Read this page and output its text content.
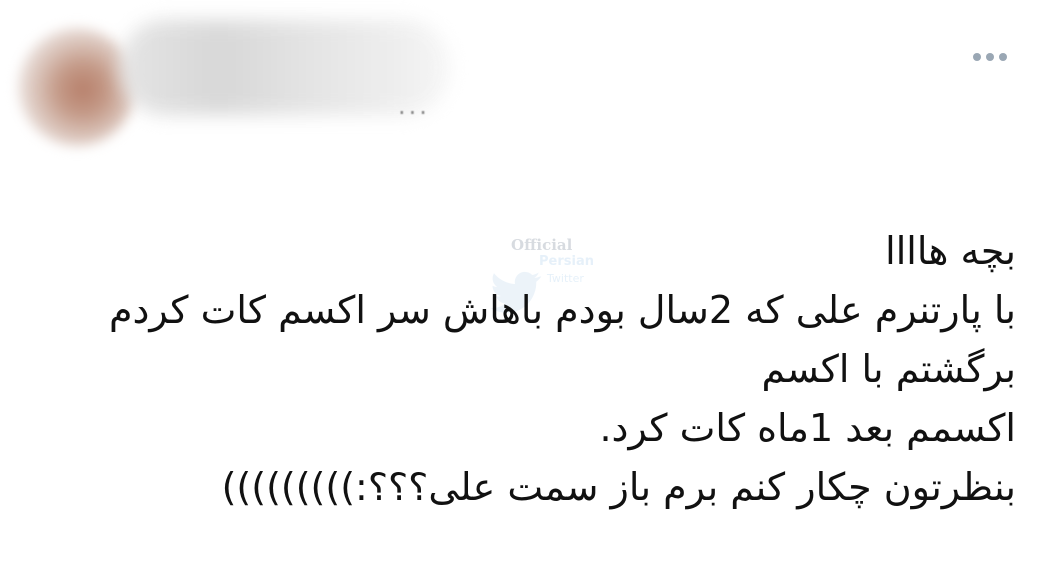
...
Official
Persian
Twitter
بچه هاااا
با پارتنرم علی که 2سال بودم باهاش سر اکسم کات کردم
برگشتم با اکسم
اکسمم بعد 1ماه کات کرد.
بنظرتون چکار کنم برم باز سمت علی؟؟؟:)))))))))
